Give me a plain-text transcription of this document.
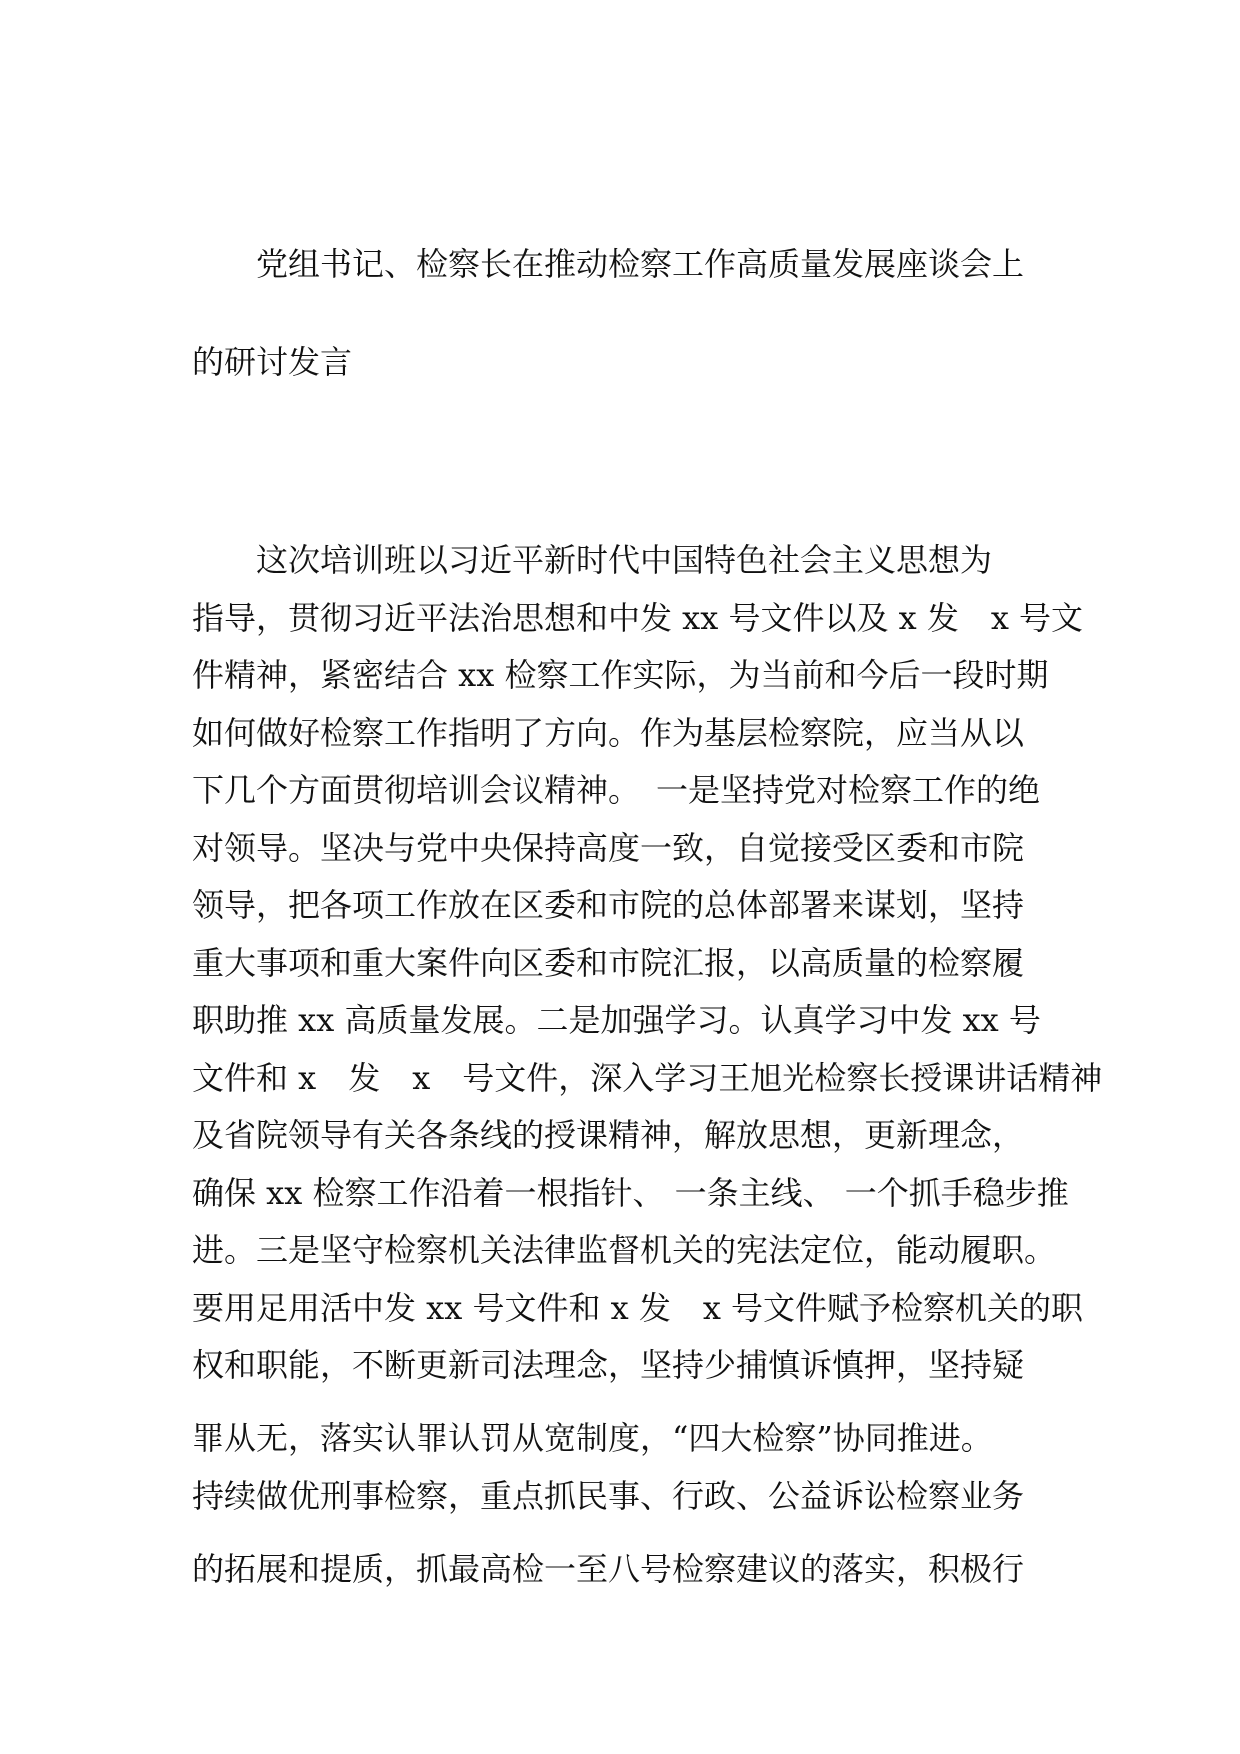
党组书记、检察长在推动检察工作高质量发展座谈会上
的研讨发言
这次培训班以习近平新时代中国特色社会主义思想为
指导，贯彻习近平法治思想和中发 xx 号文件以及 x 发　x 号文
件精神，紧密结合 xx 检察工作实际，为当前和今后一段时期
如何做好检察工作指明了方向。作为基层检察院，应当从以
下几个方面贯彻培训会议精神。　一是坚持党对检察工作的绝
对领导。坚决与党中央保持高度一致，自觉接受区委和市院
领导，把各项工作放在区委和市院的总体部署来谋划，坚持
重大事项和重大案件向区委和市院汇报，以高质量的检察履
职助推 xx 高质量发展。二是加强学习。认真学习中发 xx 号
文件和 x　发　x　号文件，深入学习王旭光检察长授课讲话精神
及省院领导有关各条线的授课精神，解放思想，更新理念，
确保 xx 检察工作沿着一根指针、 一条主线、 一个抓手稳步推
进。三是坚守检察机关法律监督机关的宪法定位，能动履职。
要用足用活中发 xx 号文件和 x 发　x 号文件赋予检察机关的职
权和职能，不断更新司法理念，坚持少捕慎诉慎押，坚持疑
罪从无，落实认罪认罚从宽制度，“四大检察”协同推进。
持续做优刑事检察，重点抓民事、行政、公益诉讼检察业务
的拓展和提质，抓最高检一至八号检察建议的落实，积极行
